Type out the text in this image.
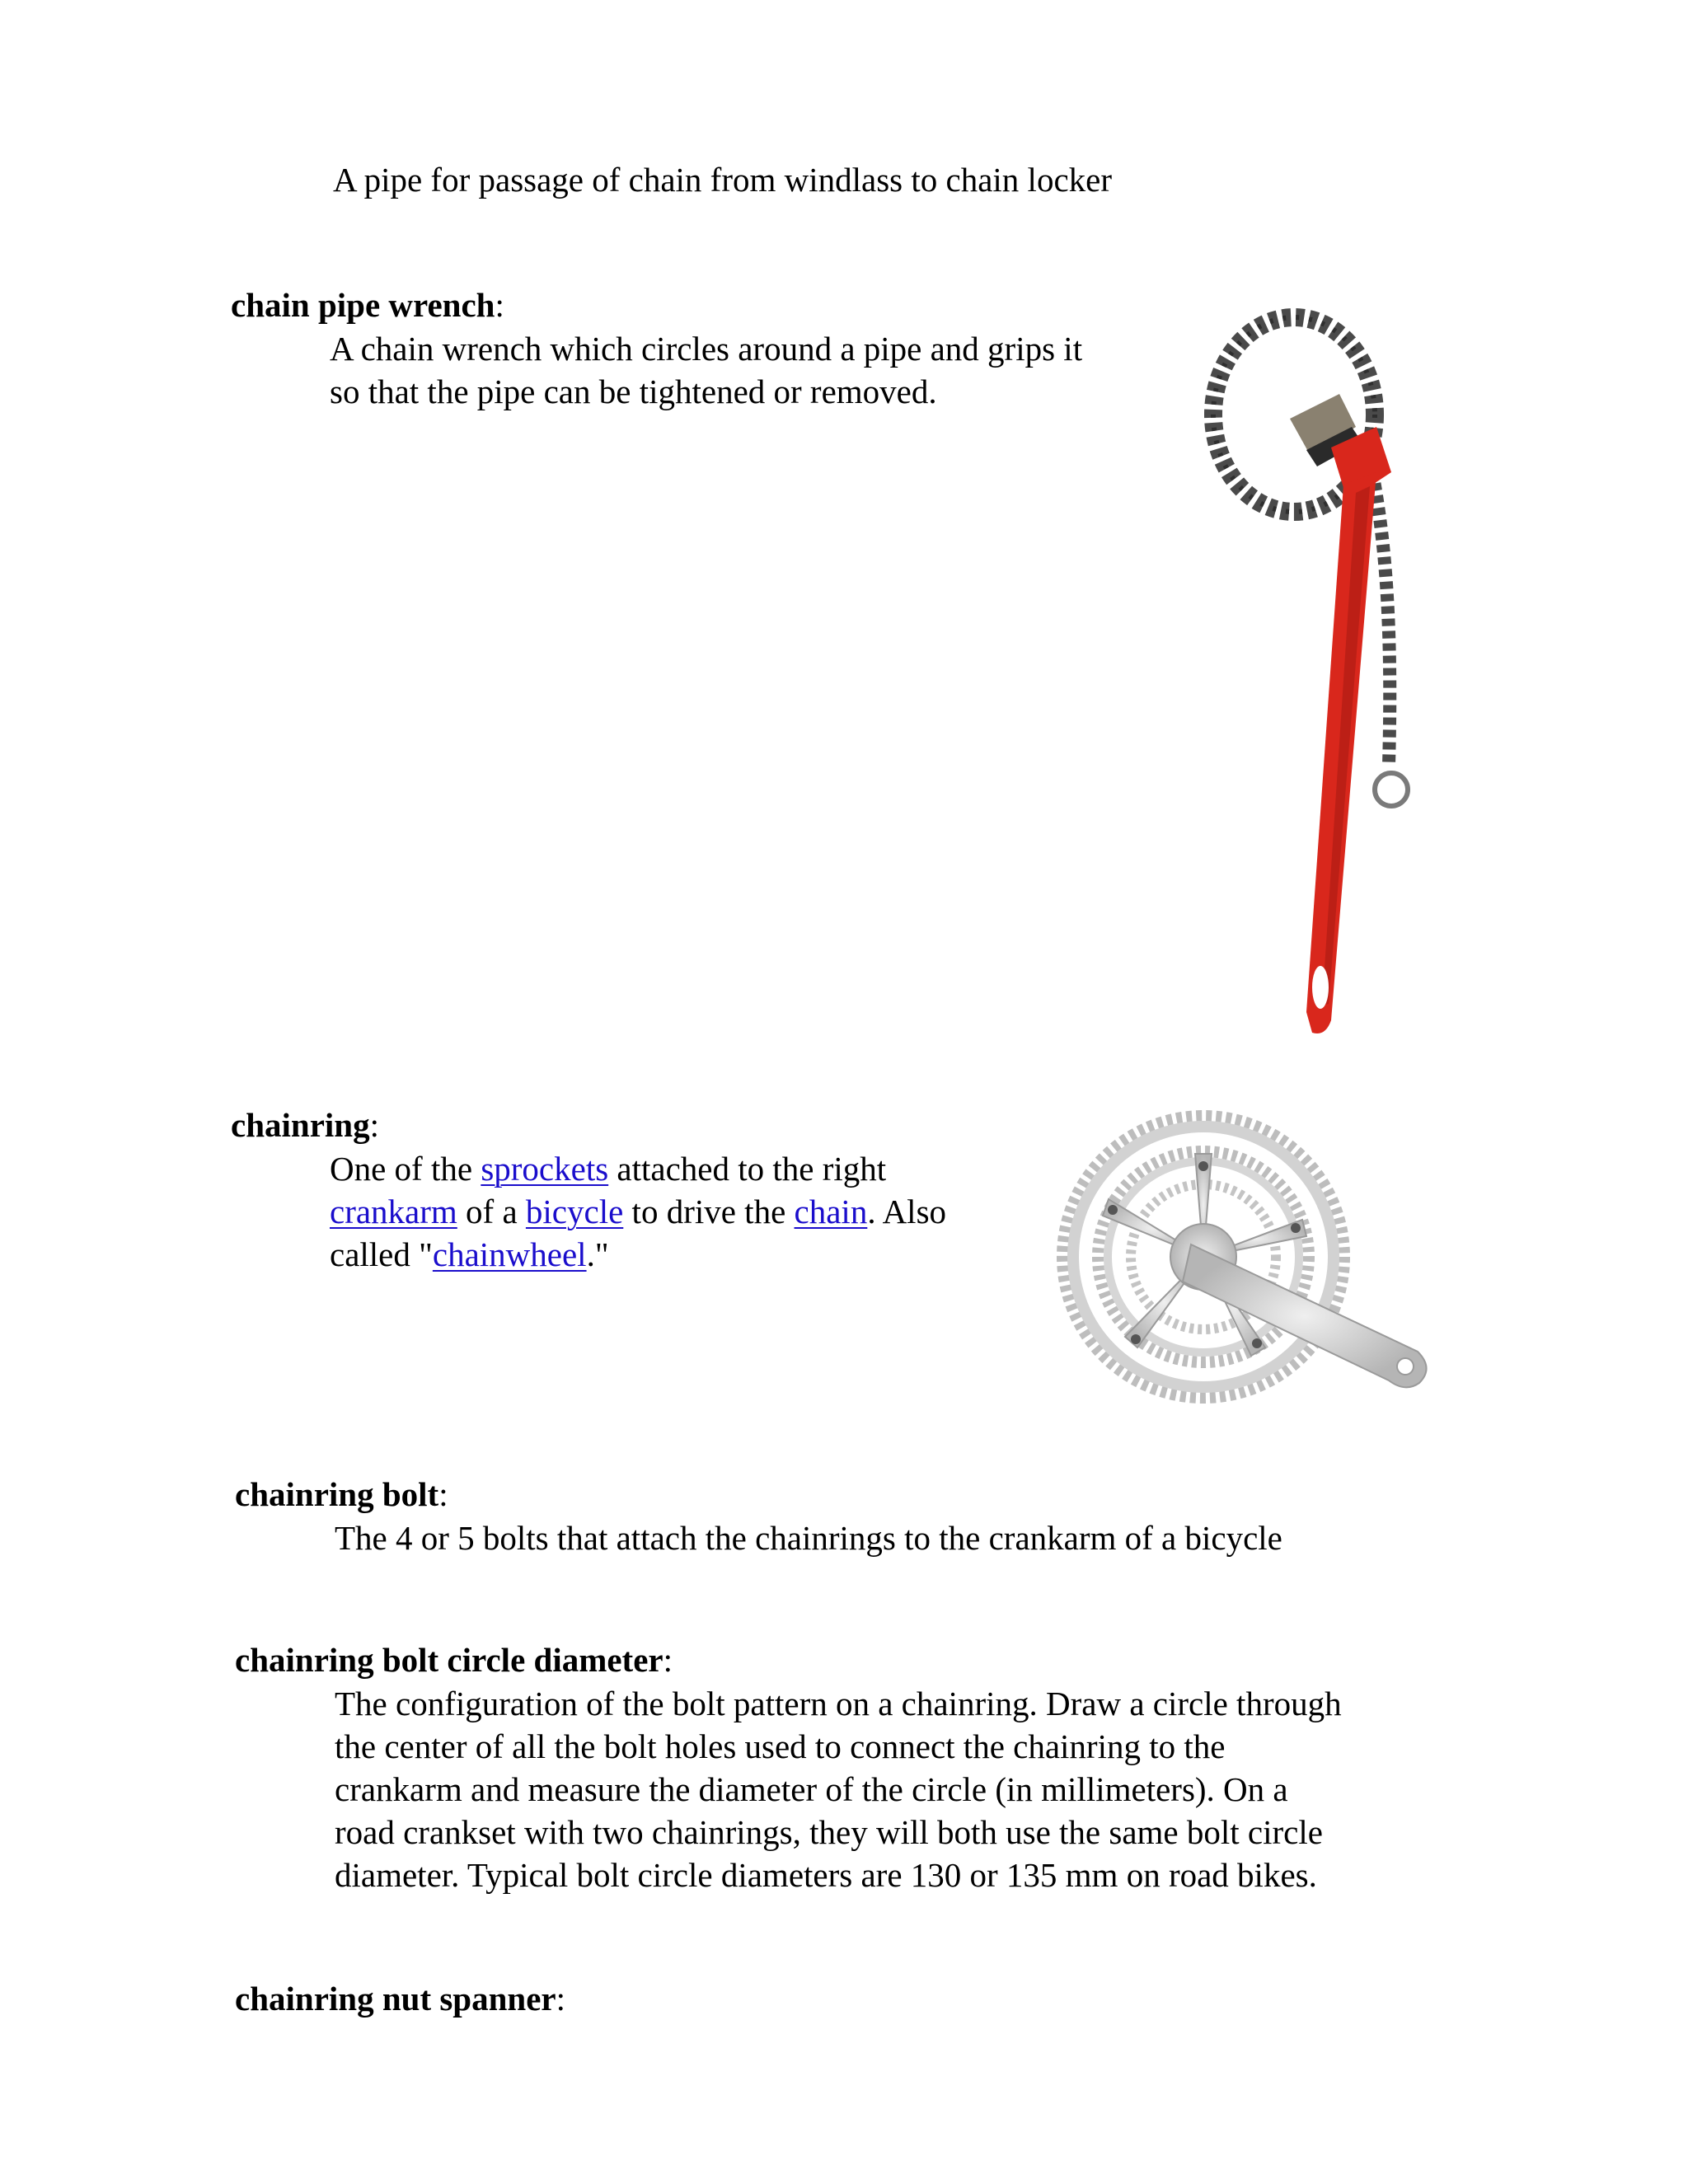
A pipe for passage of chain from windlass to chain locker
chain pipe wrench:
A chain wrench which circles around a pipe and grips it
so that the pipe can be tightened or removed.
chainring:
One of the sprockets attached to the right
crankarm of a bicycle to drive the chain. Also
called "chainwheel."
chainring bolt:
The 4 or 5 bolts that attach the chainrings to the crankarm of a bicycle
chainring bolt circle diameter:
The configuration of the bolt pattern on a chainring. Draw a circle through
the center of all the bolt holes used to connect the chainring to the
crankarm and measure the diameter of the circle (in millimeters). On a
road crankset with two chainrings, they will both use the same bolt circle
diameter. Typical bolt circle diameters are 130 or 135 mm on road bikes.
chainring nut spanner:
